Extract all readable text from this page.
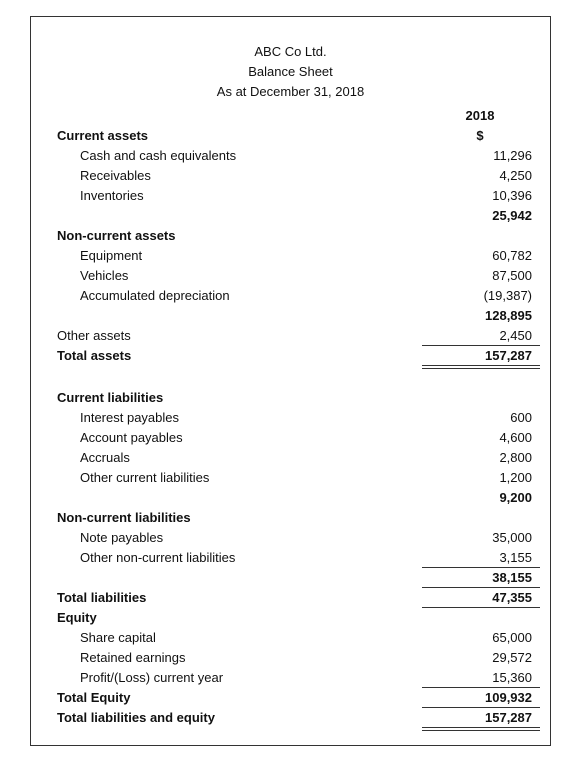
ABC Co Ltd.
Balance Sheet
As at December 31, 2018
2018
$
Current assets
Cash and cash equivalents	11,296
Receivables	4,250
Inventories	10,396
25,942
Non-current assets
Equipment	60,782
Vehicles	87,500
Accumulated depreciation	(19,387)
128,895
Other assets	2,450
Total assets	157,287
Current liabilities
Interest payables	600
Account payables	4,600
Accruals	2,800
Other current liabilities	1,200
9,200
Non-current liabilities
Note payables	35,000
Other non-current liabilities	3,155
38,155
Total liabilities	47,355
Equity
Share capital	65,000
Retained earnings	29,572
Profit/(Loss) current year	15,360
Total Equity	109,932
Total liabilities and equity	157,287
